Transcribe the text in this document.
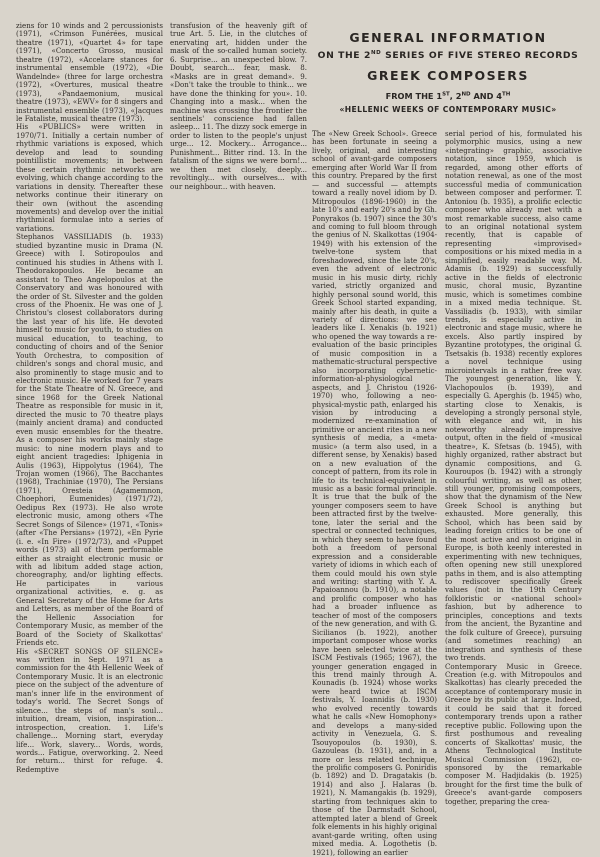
ziens for 10 winds and 2 percussionists (1971), «Crimson Funérées, musical theatre (1971), «Quartet 4» for tape (1971), «Concerto Grosso, musical theatre (1972), «Accelare stances for instrumental ensemble (1972), «Die Wandelnde» (three for large orchestra (1972), «Overtures, musical theatre (1973), «Pandaemonium, musical theatre (1973), «EWV» for 8 singers and instrumental ensemble (1973), «Jacques le Fataliste, musical theatre (1973).
His «PUBLICS» were written in 1970/71. Initially a certain number of rhythmic variations is exposed, which develop and lead to sounding pointillistic movements; in between these certain rhythmic networks are evolving, which change according to the variations in density. Thereafter these networks continue their itinerary on their own (without the ascending movements) and develop over the initial rhythmical formulae into a series of variations.
Stephanos VASSILIADIS (b. 1933) studied byzantine music in Drama (N. Greece) with I. Sotiropoulos and continued his studies in Athens with I. Theodorakopoulos. He became an assistant to Theo Angelopoulos at the Conservatory and was honoured with the order of St. Silvester and the golden cross of the Phoenix. He was one of J. Christou's closest collaborators during the last year of his life. He devoted himself to music for youth, to studies on musical education, to teaching, to conducting of choirs and of the Senior Youth Orchestra, to composition of children's songs and choral music, and also prominently to stage music and to electronic music. He worked for 7 years for the State Theatre of N. Greece, and since 1968 for the Greek National Theatre as responsible for music in it, directed the music to 70 theatre plays (mainly ancient drama) and conducted even music ensembles for the theatre. As a composer his works mainly stage music: to nine modern plays and to eight ancient tragedies: Iphigenia in Aulis (1963), Hippolytus (1964), The Trojan women (1966), The Bacchantes (1968), Trachiniae (1970), The Persians (1971), Oresteia (Agamemnon, Choephori, Eumenides) (1971/72), Oedipus Rex (1973). He also wrote electronic music, among others «The Secret Songs of Silence» (1971, «Tonis» (after «The Persians» (1972), «En Pyrie (i. e. «In Fire» (1972/73), and «Puppet words (1973) all of them performable either as straight electronic music or with ad libitum added stage action, choreography, and/or lighting effects. He participates in various organizational activities, e. g. as General Secretary of the Home for Arts and Letters, as member of the Board of the Hellenic Association for Contemporary Music, as member of the Board of the Society of Skalkottas' Friends etc.
His «SECRET SONGS OF SILENCE» was written in Sept. 1971 as a commission for the 4th Hellenic Week of Contemporary Music. It is an electronic piece on the subject of the adventure of man's inner life in the environment of today's world. The Secret Songs of silence... the steps of man's soul... intuition, dream, vision, inspiration... introspection, creation. 1. Life's challenge... Morning start, everyday life... Work, slavery... Words, words, words... Fatigue, overworking. 2. Need for return... thirst for refuge. 4. Redemptive
transfusion of the heavenly gift of true Art. 5. Lie, in the clutches of enervating art, hidden under the mask of the so-called human society. 6. Surprise... an unexpected blow. 7. Doubt, search... fear, mask. 8. «Masks are in great demand». 9. «Don't take the trouble to think... we have done the thinking for you». 10. Changing into a mask... when the machine was crossing the frontier the sentinels' conscience had fallen asleep... 11. The dizzy sock emerge in order to listen to the people's unjust urge... 12. Mockery... Arrogance... Punishment... Bitter rind. 13. In the fatalism of the signs we were born!... we then met closely, deeply... revoltingly... with ourselves... with our neighbour... with heaven.
GENERAL INFORMATION
ON THE 2ND SERIES OF FIVE STEREO RECORDS
GREEK COMPOSERS
FROM THE 1ST, 2ND AND 4TH
«HELLENIC WEEKS OF CONTEMPORARY MUSIC»
The «New Greek School». Greece has been fortunate in seeing a lively, original, and interesting school of avant-garde composers emerging after World War II from this country. Prepared by the first — and successful — attempts toward a really novel idiom by D. Mitropoulos (1896-1960) in the late 10's and early 20's and by Gh. Ponyrakos (b. 1907) since the 30's and coming to full bloom through the genius of N. Skalkottas (1904-1949) with his extension of the twelve-tone system that foreshadowed, since the late 20's, even the advent of electronic music in his music dirty, richly varied, strictly organized and highly personal sound world, this Greek School started expanding, mainly after his death, in quite a variety of directions: we see leaders like I. Xenakis (b. 1921) who opened the way towards a re-evaluation of the basic principles of music composition in a mathematic-structural perspective also incorporating cybernetic-information-al-physiological aspects, and J. Christou (1926-1970) who, following a neo-physical-mystic path, enlarged his vision by introducing a modernized re-examination of primitive or ancient rites in a new synthesis of media, a «meta-music» (a term also used, in a different sense, by Xenakis) based on a new evaluation of the concept of pattern, from its role in life to its technical-equivalent in music as a basic formal principle. It is true that the bulk of the younger composers seem to have been attracted first by the twelve-tone, later the serial and the spectral or connected techniques, in which they seem to have found both a freedom of personal expression and a considerable variety of idioms in which each of them could mould his own style and writing: starting with Y. A. Papaioannou (b. 1910), a notable and prolific composer who has had a broader influence as teacher of most of the composers of the new generation, and with G. Sicilianos (b. 1922), another important composer whose works have been selected twice at the ISCM Festivals (1965; 1967), the younger generation engaged in this trend mainly through A. Kounadis (b. 1924) whose works were heard twice at ISCM festivals, Y. Ioannidis (b. 1930) who evolved recently towards what he calls «New Homophony» and develops a many-sided activity in Venezuela, G. S. Tsouyopoulos (b. 1930), S. Gazouleas (b. 1931), and, in a more or less related technique, the prolific composers G. Ponirídis (b. 1892) and D. Dragatakis (b. 1914) and also J. Halaras (b. 1921), N. Mamangakis (b. 1929), starting from techniques akin to those of the Darmstadt School, attempted later a blend of Greek folk elements in his highly original avant-garde writing, often using mixed media. A. Logothetis (b. 1921), following an earlier
serial period of his, formulated his polymorphic musics, using a new «integrating» graphic, associative notation, since 1959, which is regarded, among other efforts of notation renewal, as one of the most successful media of communication between composer and performer. T. Antoniou (b. 1935), a prolific eclectic composer who already met with a most remarkable success, also came to an original notational system recently, that is capable of representing «improvised» compositions or his mixed media in a simplified, easily readable way. M. Adamis (b. 1929) is successfully active in the fields of electronic music, choral music, Byzantine music, which is sometimes combine in a mixed media technique. St. Vassiliadis (b. 1933), with similar trends, is especially active in electronic and stage music, where he excels. Also partly inspired by Byzantine prototypes, the original G. Tsetsakis (b. 1938) recently explores a novel technique using microintervals in a rather free way. The youngest generation, like Y. Vlachopoulos (b. 1939), and especially G. Aperghis (b. 1945) who, starting close to Xenakis, is developing a strongly personal style, with elegance and wit, in his noteworthy already impressive output, often in the field of «musical theatre», K. Sfetsas (b. 1945), with highly organized, rather abstract but dynamic compositions, and G. Kouroupos (b. 1942) with a strongly colourful writing, as well as other, still younger, promising composers, show that the dynamism of the New Greek School is anything but exhausted. More generally, this School, which has been said by leading foreign critics to be one of the most active and most original in Europe, is both keenly interested in experimenting with new techniques, often opening new still unexplored paths in them, and is also attempting to rediscover specifically Greek values (not in the 19th Century folkloristic or «national school» fashion, but by adherence to principles, conceptions and texts from the ancient, the Byzantine and the folk culture of Greece), pursuing (and sometimes reaching) an integration and synthesis of these two trends.
Contemporary Music in Greece. Creation (e.g. with Mitropoulos and Skalkottas) has clearly preceded the acceptance of contemporary music in Greece by its public at large. Indeed, it could be said that it forced contemporary trends upon a rather receptive public. Following upon the first posthumous and revealing concerts of Skalkottas' music, the Athens Technological Institute Musical Commission (1962), co-sponsored by the remarkable composer M. Hadjidakis (b. 1925) brought for the first time the bulk of Greece's avant-garde composers together, preparing the crea-
